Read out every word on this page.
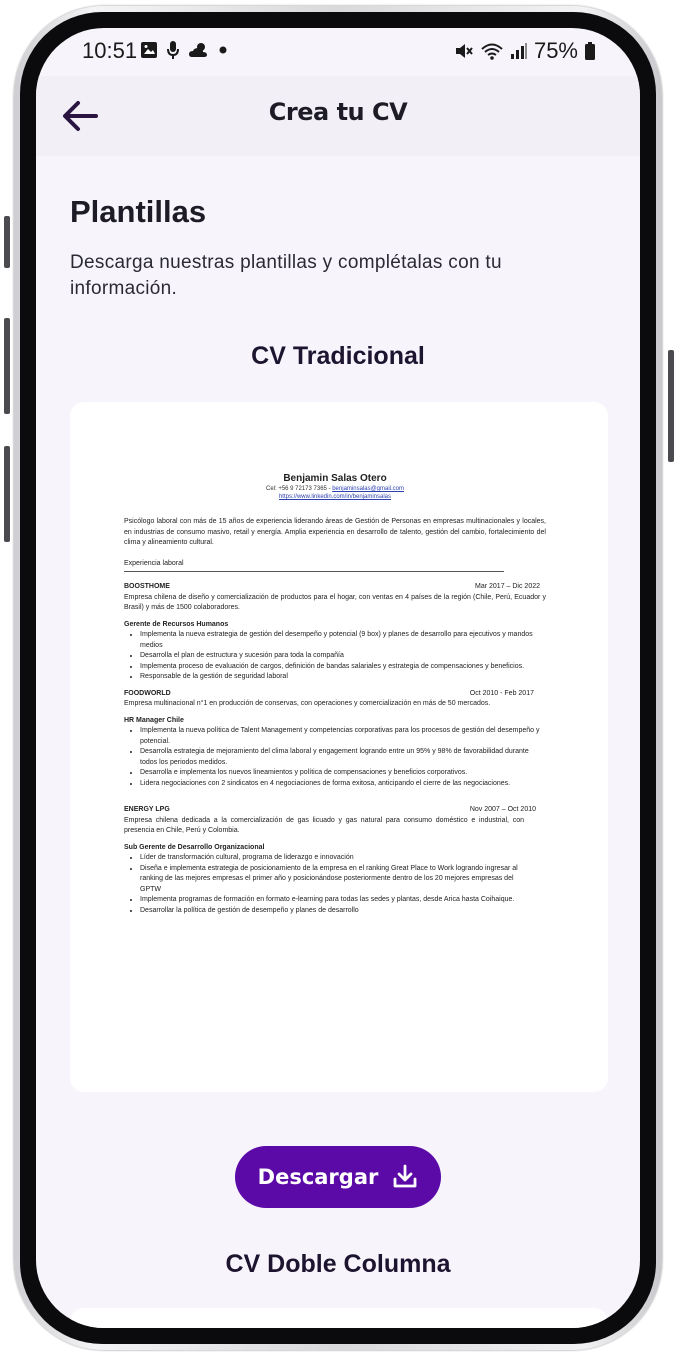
10:51	75%
Crea tu CV
Plantillas
Descarga nuestras plantillas y complétalas con tu información.
CV Tradicional
Benjamin Salas Otero
Cel: +56 9 72173 7365 - benjaminsalas@gmail.com
https://www.linkedin.com/in/benjaminsalas

Psicólogo laboral con más de 15 años de experiencia liderando áreas de Gestión de Personas en empresas multinacionales y locales, en industrias de consumo masivo, retail y energía. Amplia experiencia en desarrollo de talento, gestión del cambio, fortalecimiento del clima y alineamiento cultural.

Experiencia laboral
BOOSTHOME	Mar 2017 – Dic 2022

Empresa chilena de diseño y comercialización de productos para el hogar, con ventas en 4 países de la región (Chile, Perú, Ecuador y Brasil) y más de 1500 colaboradores.

Gerente de Recursos Humanos
• Implementa la nueva estrategia de gestión del desempeño y potencial (9 box) y planes de desarrollo para ejecutivos y mandos medios
• Desarrolla el plan de estructura y sucesión para toda la compañía
• Implementa proceso de evaluación de cargos, definición de bandas salariales y estrategia de compensaciones y beneficios.
• Responsable de la gestión de seguridad laboral
FOODWORLD	Oct 2010 - Feb 2017

Empresa multinacional n°1 en producción de conservas, con operaciones y comercialización en más de 50 mercados.

HR Manager Chile
• Implementa la nueva política de Talent Management y competencias corporativas para los procesos de gestión del desempeño y potencial.
• Desarrolla estrategia de mejoramiento del clima laboral y engagement logrando entre un 95% y 98% de favorabilidad durante todos los periodos medidos.
• Desarrolla e implementa los nuevos lineamientos y política de compensaciones y beneficios corporativos.
• Lidera negociaciones con 2 sindicatos en 4 negociaciones de forma exitosa, anticipando el cierre de las negociaciones.
ENERGY LPG	Nov 2007 – Oct 2010

Empresa chilena dedicada a la comercialización de gas licuado y gas natural para consumo doméstico e industrial, con presencia en Chile, Perú y Colombia.

Sub Gerente de Desarrollo Organizacional
• Líder de transformación cultural, programa de liderazgo e innovación
• Diseña e implementa estrategia de posicionamiento de la empresa en el ranking Great Place to Work logrando ingresar al ranking de las mejores empresas el primer año y posicionándose posteriormente dentro de los 20 mejores empresas del GPTW
• Implementa programas de formación en formato e-learning para todas las sedes y plantas, desde Arica hasta Coihaique.
• Desarrollar la política de gestión de desempeño y planes de desarrollo
Descargar
CV Doble Columna
